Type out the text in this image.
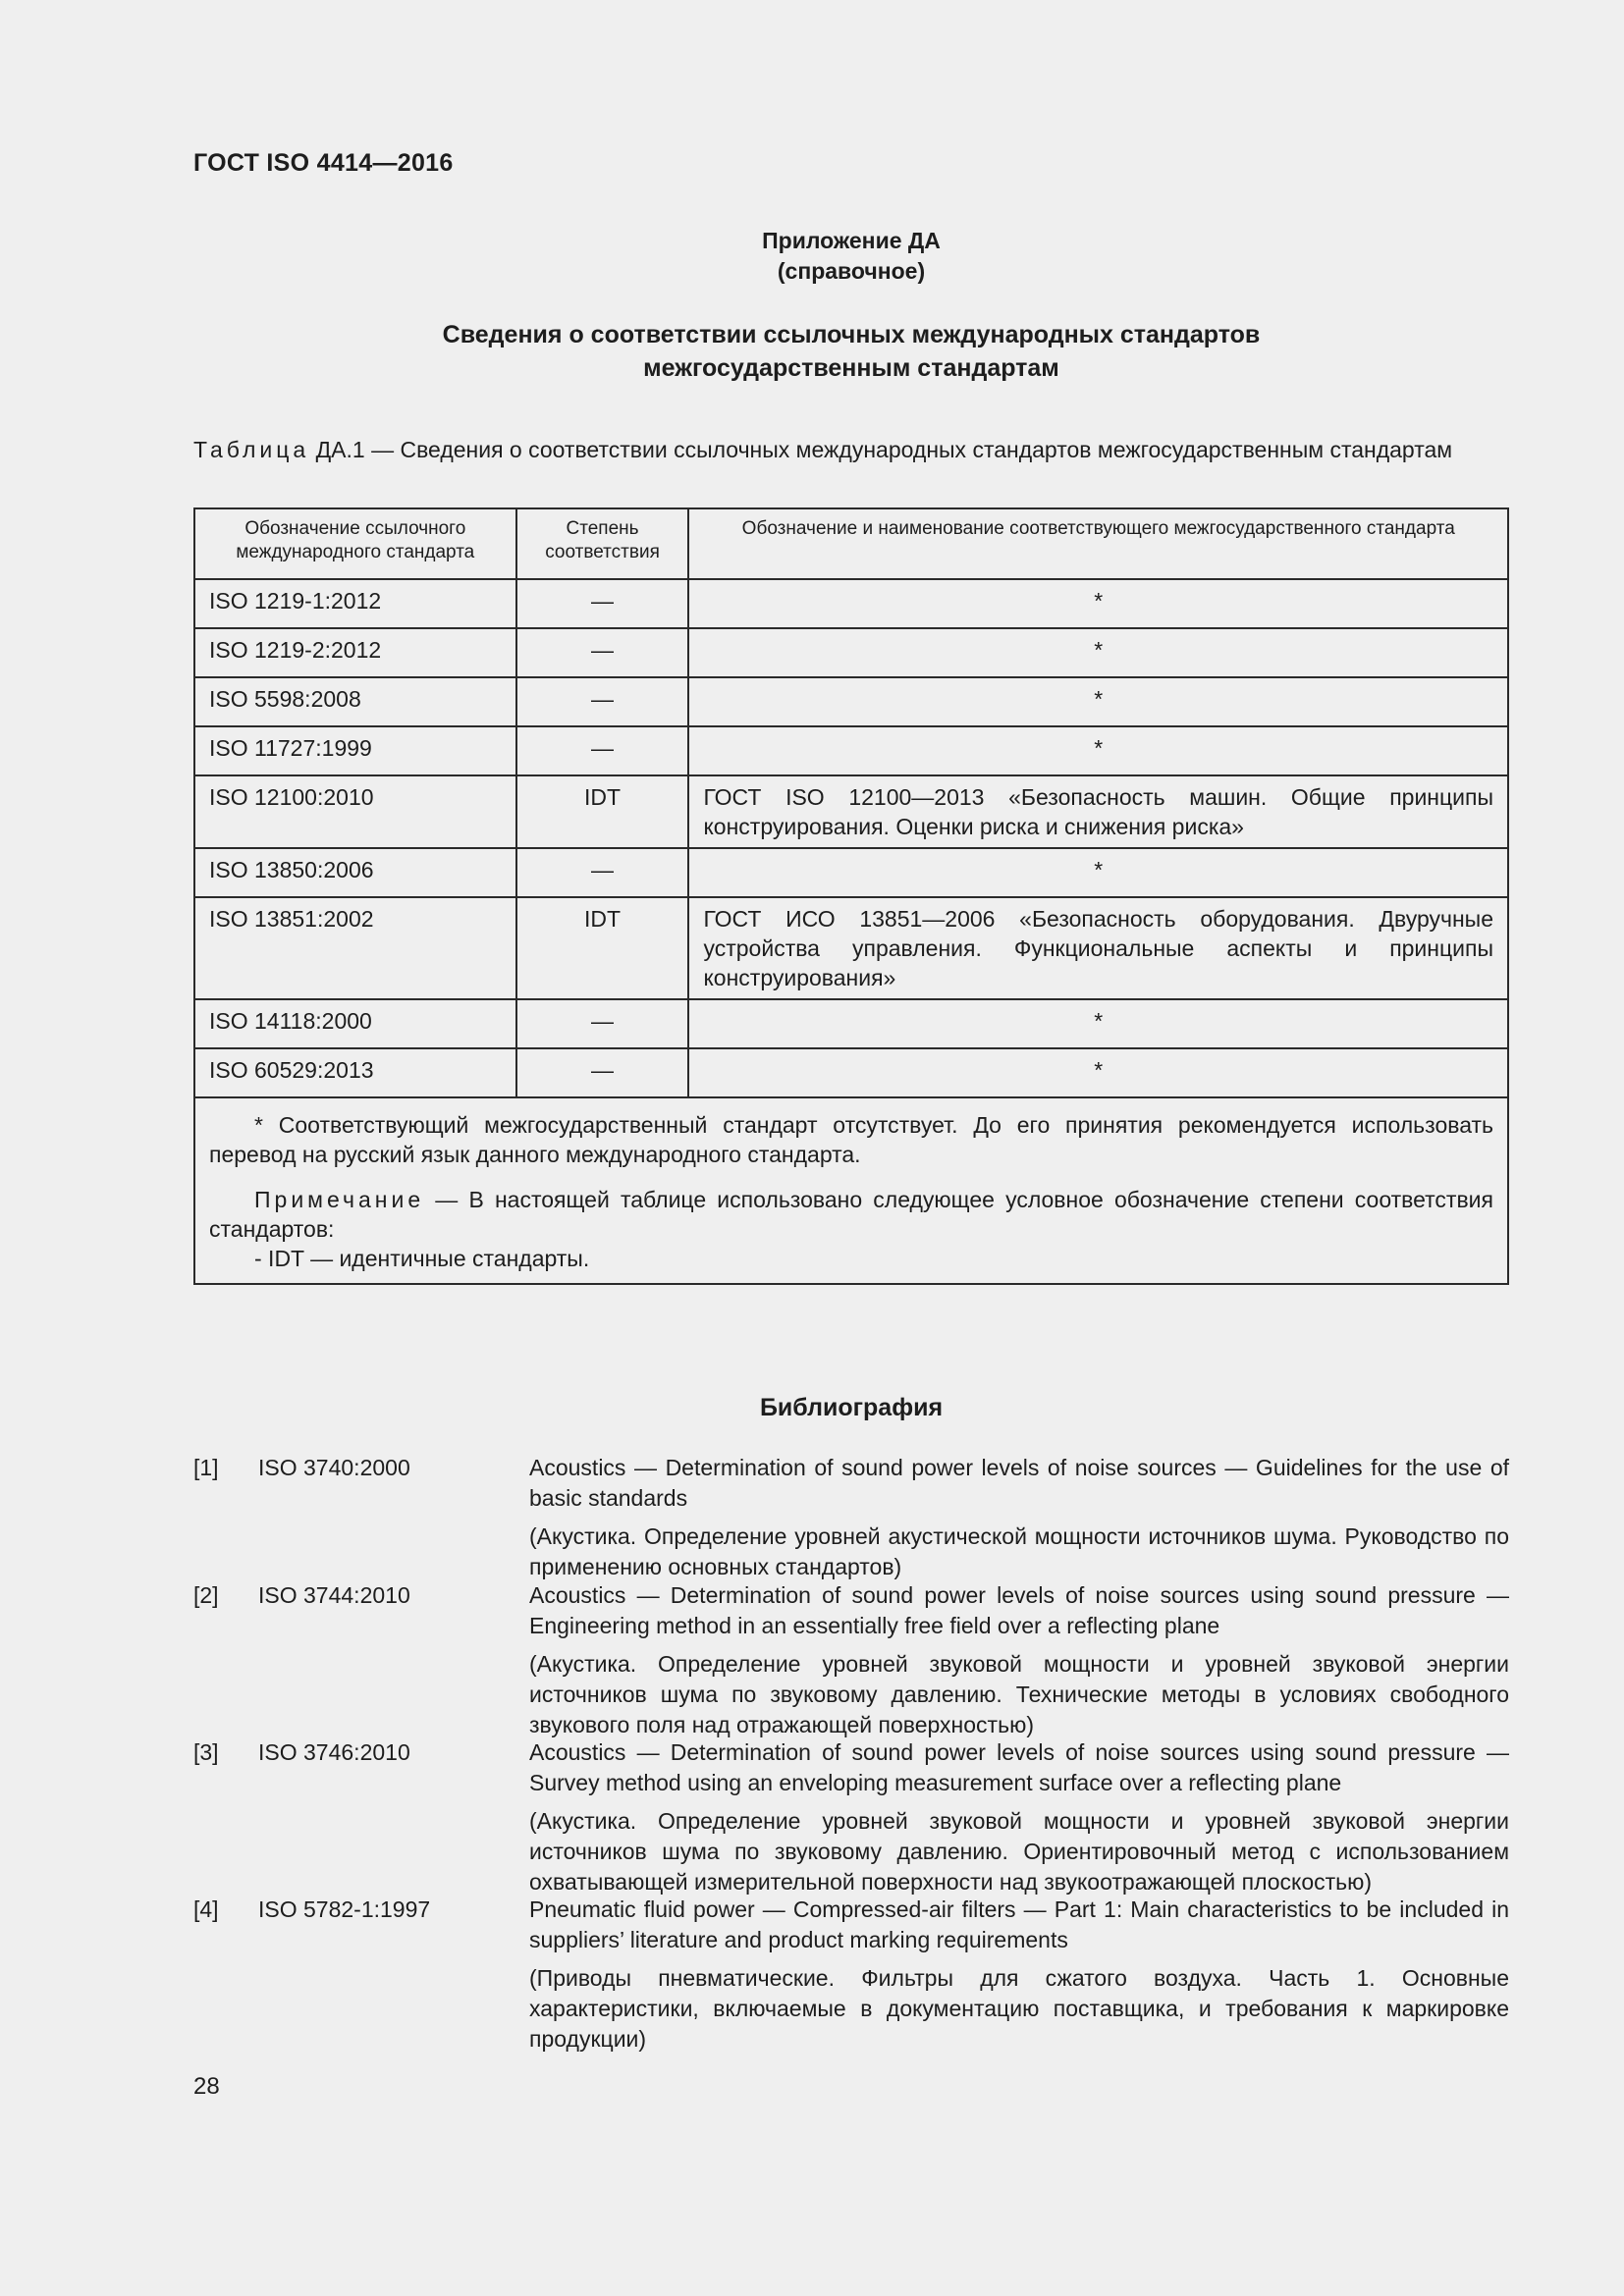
ГОСТ ISO 4414—2016
Приложение ДА
(справочное)
Сведения о соответствии ссылочных международных стандартов
межгосударственным стандартам
Таблица ДА.1 — Сведения о соответствии ссылочных международных стандартов межгосударственным стандартам
Обозначение ссылочного международного стандарта	Степень соответствия	Обозначение и наименование соответствующего межгосударственного стандарта
ISO 1219-1:2012	—	*
ISO 1219-2:2012	—	*
ISO 5598:2008	—	*
ISO 11727:1999	—	*
ISO 12100:2010	IDT	ГОСТ ISO 12100—2013 «Безопасность машин. Общие принципы конструирования. Оценки риска и снижения риска»
ISO 13850:2006	—	*
ISO 13851:2002	IDT	ГОСТ ИСО 13851—2006 «Безопасность оборудования. Двуручные устройства управления. Функциональные аспекты и принципы конструирования»
ISO 14118:2000	—	*
ISO 60529:2013	—	*

* Соответствующий межгосударственный стандарт отсутствует. До его принятия рекомендуется использовать перевод на русский язык данного международного стандарта.

Примечание — В настоящей таблице использовано следующее условное обозначение степени соответствия стандартов:

- IDT — идентичные стандарты.		

Библиография
[1] ISO 3740:2000	Acoustics — Determination of sound power levels of noise sources — Guidelines for the use of basic standards

(Акустика. Определение уровней акустической мощности источников шума. Руководство по применению основных стандартов)

[2] ISO 3744:2010	Acoustics — Determination of sound power levels of noise sources using sound pressure — Engineering method in an essentially free field over a reflecting plane

(Акустика. Определение уровней звуковой мощности и уровней звуковой энергии источников шума по звуковому давлению. Технические методы в условиях свободного звукового поля над отражающей поверхностью)

[3] ISO 3746:2010	Acoustics — Determination of sound power levels of noise sources using sound pressure — Survey method using an enveloping measurement surface over a reflecting plane

(Акустика. Определение уровней звуковой мощности и уровней звуковой энергии источников шума по звуковому давлению. Ориентировочный метод с использованием охватывающей измерительной поверхности над звукоотражающей плоскостью)

[4] ISO 5782-1:1997	Pneumatic fluid power — Compressed-air filters — Part 1: Main characteristics to be included in suppliers’ literature and product marking requirements

(Приводы пневматические. Фильтры для сжатого воздуха. Часть 1. Основные характеристики, включаемые в документацию поставщика, и требования к маркировке продукции)

28
